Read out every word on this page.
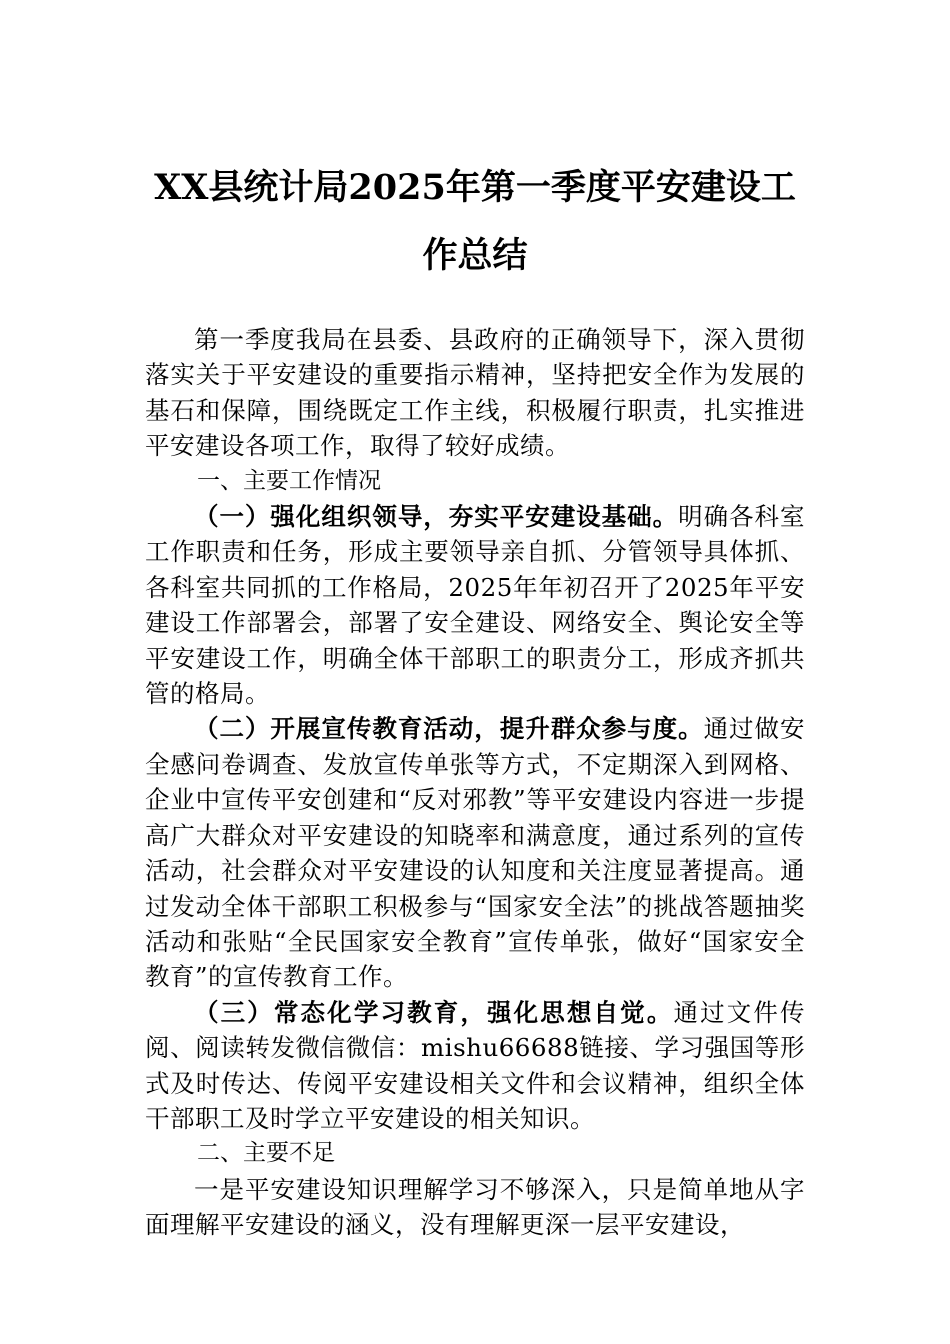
XX县统计局2025年第一季度平安建设工
作总结

第一季度我局在县委、县政府的正确领导下，深入贯彻落实关于平安建设的重要指示精神，坚持把安全作为发展的基石和保障，围绕既定工作主线，积极履行职责，扎实推进平安建设各项工作，取得了较好成绩。

一、主要工作情况

（一）强化组织领导，夯实平安建设基础。明确各科室工作职责和任务，形成主要领导亲自抓、分管领导具体抓、各科室共同抓的工作格局，2025年年初召开了2025年平安建设工作部署会，部署了安全建设、网络安全、舆论安全等平安建设工作，明确全体干部职工的职责分工，形成齐抓共管的格局。

（二）开展宣传教育活动，提升群众参与度。通过做安全感问卷调查、发放宣传单张等方式，不定期深入到网格、企业中宣传平安创建和“反对邪教”等平安建设内容进一步提高广大群众对平安建设的知晓率和满意度，通过系列的宣传活动，社会群众对平安建设的认知度和关注度显著提高。通过发动全体干部职工积极参与“国家安全法”的挑战答题抽奖活动和张贴“全民国家安全教育”宣传单张，做好“国家安全教育”的宣传教育工作。

（三）常态化学习教育，强化思想自觉。通过文件传阅、阅读转发微信微信：mishu66688链接、学习强国等形式及时传达、传阅平安建设相关文件和会议精神，组织全体干部职工及时学立平安建设的相关知识。

二、主要不足

一是平安建设知识理解学习不够深入，只是简单地从字面理解平安建设的涵义，没有理解更深一层平安建设，
